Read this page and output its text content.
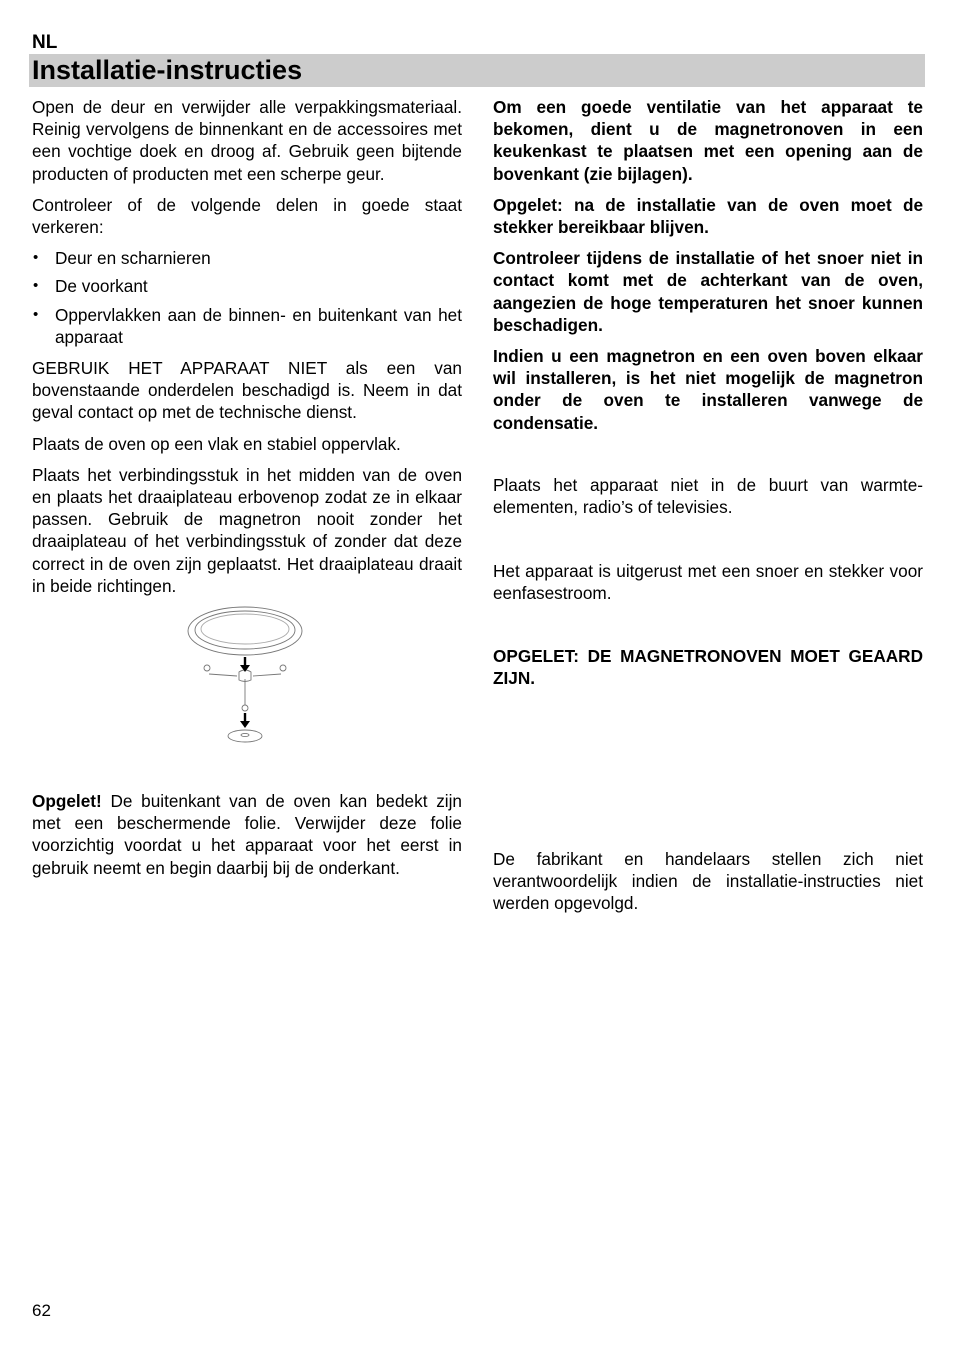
NL
Installatie-instructies

Open de deur en verwijder alle verpakkingsmateriaal. Reinig vervolgens de binnenkant en de accessoires met een vochtige doek en droog af. Gebruik geen bijtende producten of producten met een scherpe geur.

Controleer of de volgende delen in goede staat verkeren:

• Deur en scharnieren
• De voorkant
• Oppervlakken aan de binnen- en buitenkant van het apparaat

GEBRUIK HET APPARAAT NIET als een van bovenstaande onderdelen beschadigd is. Neem in dat geval contact op met de technische dienst.

Plaats de oven op een vlak en stabiel oppervlak.

Plaats het verbindingsstuk in het midden van de oven en plaats het draaiplateau erbovenop zodat ze in elkaar passen. Gebruik de magnetron nooit zonder het draaiplateau of het verbindingsstuk of zonder dat deze correct in de oven zijn geplaatst. Het draaiplateau draait in beide richtingen.

Opgelet! De buitenkant van de oven kan bedekt zijn met een beschermende folie. Verwijder deze folie voorzichtig voordat u het apparaat voor het eerst in gebruik neemt en begin daarbij bij de onderkant.

Om een goede ventilatie van het apparaat te bekomen, dient u de magnetronoven in een keukenkast te plaatsen met een opening aan de bovenkant (zie bijlagen).

Opgelet: na de installatie van de oven moet de stekker bereikbaar blijven.

Controleer tijdens de installatie of het snoer niet in contact komt met de achterkant van de oven, aangezien de hoge temperaturen het snoer kunnen beschadigen.

Indien u een magnetron en een oven boven elkaar wil installeren, is het niet mogelijk de magnetron onder de oven te installeren vanwege de condensatie.

Plaats het apparaat niet in de buurt van warmte-elementen, radio’s of televisies.

Het apparaat is uitgerust met een snoer en stekker voor eenfasestroom.

OPGELET: DE MAGNETRONOVEN MOET GEAARD ZIJN.

De fabrikant en handelaars stellen zich niet verantwoordelijk indien de installatie-instructies niet werden opgevolgd.

62
